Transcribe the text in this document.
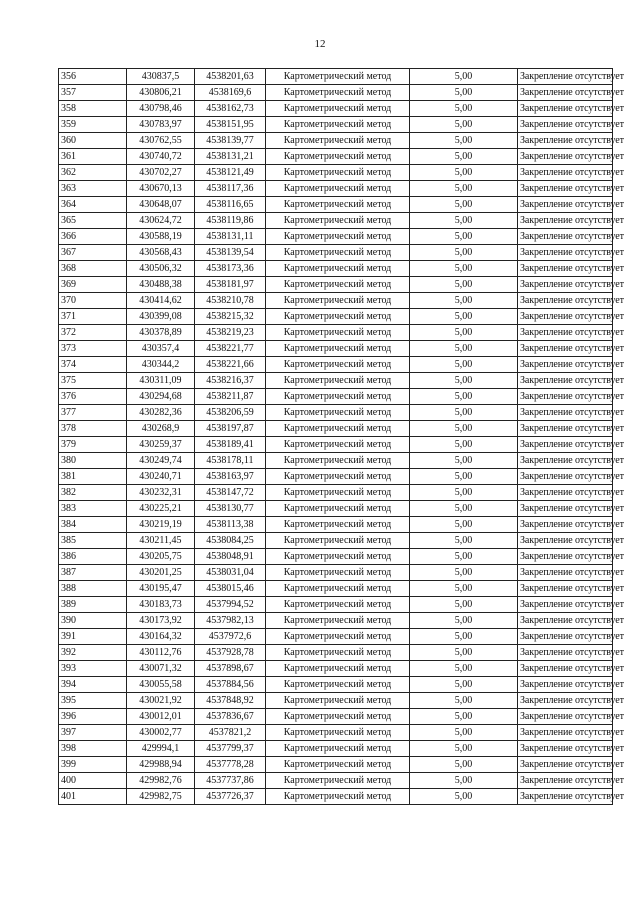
12
356	430837,5	4538201,63	Картометрический метод	5,00	Закрепление отсутствует
357	430806,21	4538169,6	Картометрический метод	5,00	Закрепление отсутствует
358	430798,46	4538162,73	Картометрический метод	5,00	Закрепление отсутствует
359	430783,97	4538151,95	Картометрический метод	5,00	Закрепление отсутствует
360	430762,55	4538139,77	Картометрический метод	5,00	Закрепление отсутствует
361	430740,72	4538131,21	Картометрический метод	5,00	Закрепление отсутствует
362	430702,27	4538121,49	Картометрический метод	5,00	Закрепление отсутствует
363	430670,13	4538117,36	Картометрический метод	5,00	Закрепление отсутствует
364	430648,07	4538116,65	Картометрический метод	5,00	Закрепление отсутствует
365	430624,72	4538119,86	Картометрический метод	5,00	Закрепление отсутствует
366	430588,19	4538131,11	Картометрический метод	5,00	Закрепление отсутствует
367	430568,43	4538139,54	Картометрический метод	5,00	Закрепление отсутствует
368	430506,32	4538173,36	Картометрический метод	5,00	Закрепление отсутствует
369	430488,38	4538181,97	Картометрический метод	5,00	Закрепление отсутствует
370	430414,62	4538210,78	Картометрический метод	5,00	Закрепление отсутствует
371	430399,08	4538215,32	Картометрический метод	5,00	Закрепление отсутствует
372	430378,89	4538219,23	Картометрический метод	5,00	Закрепление отсутствует
373	430357,4	4538221,77	Картометрический метод	5,00	Закрепление отсутствует
374	430344,2	4538221,66	Картометрический метод	5,00	Закрепление отсутствует
375	430311,09	4538216,37	Картометрический метод	5,00	Закрепление отсутствует
376	430294,68	4538211,87	Картометрический метод	5,00	Закрепление отсутствует
377	430282,36	4538206,59	Картометрический метод	5,00	Закрепление отсутствует
378	430268,9	4538197,87	Картометрический метод	5,00	Закрепление отсутствует
379	430259,37	4538189,41	Картометрический метод	5,00	Закрепление отсутствует
380	430249,74	4538178,11	Картометрический метод	5,00	Закрепление отсутствует
381	430240,71	4538163,97	Картометрический метод	5,00	Закрепление отсутствует
382	430232,31	4538147,72	Картометрический метод	5,00	Закрепление отсутствует
383	430225,21	4538130,77	Картометрический метод	5,00	Закрепление отсутствует
384	430219,19	4538113,38	Картометрический метод	5,00	Закрепление отсутствует
385	430211,45	4538084,25	Картометрический метод	5,00	Закрепление отсутствует
386	430205,75	4538048,91	Картометрический метод	5,00	Закрепление отсутствует
387	430201,25	4538031,04	Картометрический метод	5,00	Закрепление отсутствует
388	430195,47	4538015,46	Картометрический метод	5,00	Закрепление отсутствует
389	430183,73	4537994,52	Картометрический метод	5,00	Закрепление отсутствует
390	430173,92	4537982,13	Картометрический метод	5,00	Закрепление отсутствует
391	430164,32	4537972,6	Картометрический метод	5,00	Закрепление отсутствует
392	430112,76	4537928,78	Картометрический метод	5,00	Закрепление отсутствует
393	430071,32	4537898,67	Картометрический метод	5,00	Закрепление отсутствует
394	430055,58	4537884,56	Картометрический метод	5,00	Закрепление отсутствует
395	430021,92	4537848,92	Картометрический метод	5,00	Закрепление отсутствует
396	430012,01	4537836,67	Картометрический метод	5,00	Закрепление отсутствует
397	430002,77	4537821,2	Картометрический метод	5,00	Закрепление отсутствует
398	429994,1	4537799,37	Картометрический метод	5,00	Закрепление отсутствует
399	429988,94	4537778,28	Картометрический метод	5,00	Закрепление отсутствует
400	429982,76	4537737,86	Картометрический метод	5,00	Закрепление отсутствует
401	429982,75	4537726,37	Картометрический метод	5,00	Закрепление отсутствует
